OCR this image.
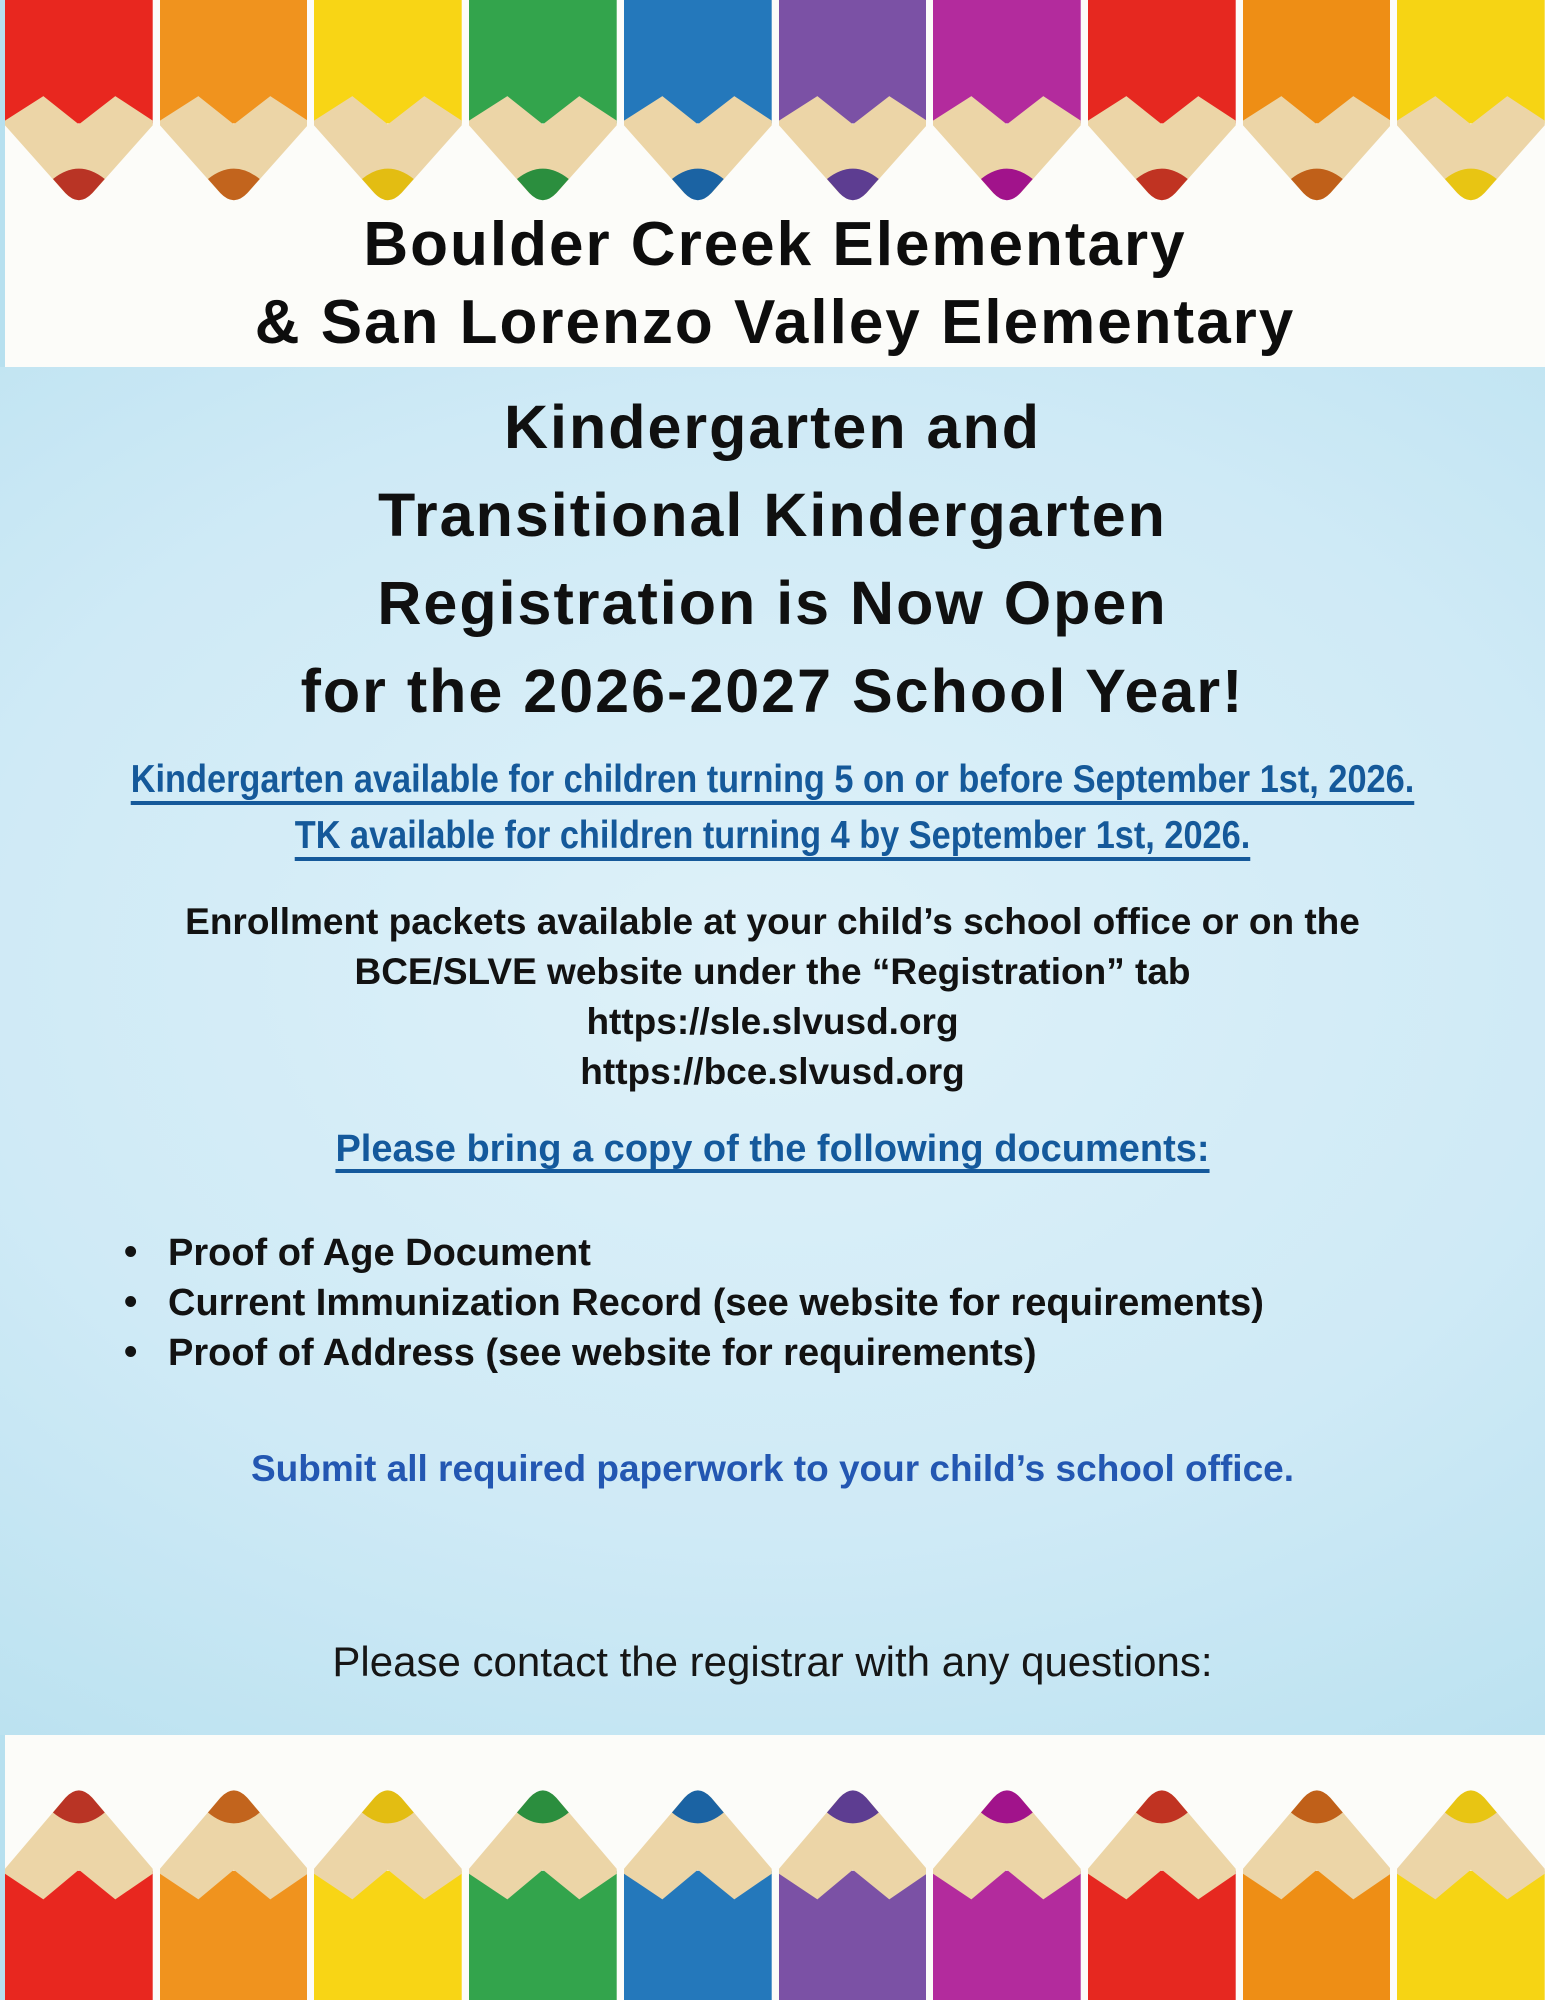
Boulder Creek Elementary
& San Lorenzo Valley Elementary
Kindergarten and
Transitional Kindergarten
Registration is Now Open
for the 2026-2027 School Year!
Kindergarten available for children turning 5 on or before September 1st, 2026.
TK available for children turning 4 by September 1st, 2026.
Enrollment packets available at your child’s school office or on the
BCE/SLVE website under the “Registration” tab
https://sle.slvusd.org
https://bce.slvusd.org
Please bring a copy of the following documents:
• Proof of Age Document
• Current Immunization Record (see website for requirements)
• Proof of Address (see website for requirements)
Submit all required paperwork to your child’s school office.

Please contact the registrar with any questions:
